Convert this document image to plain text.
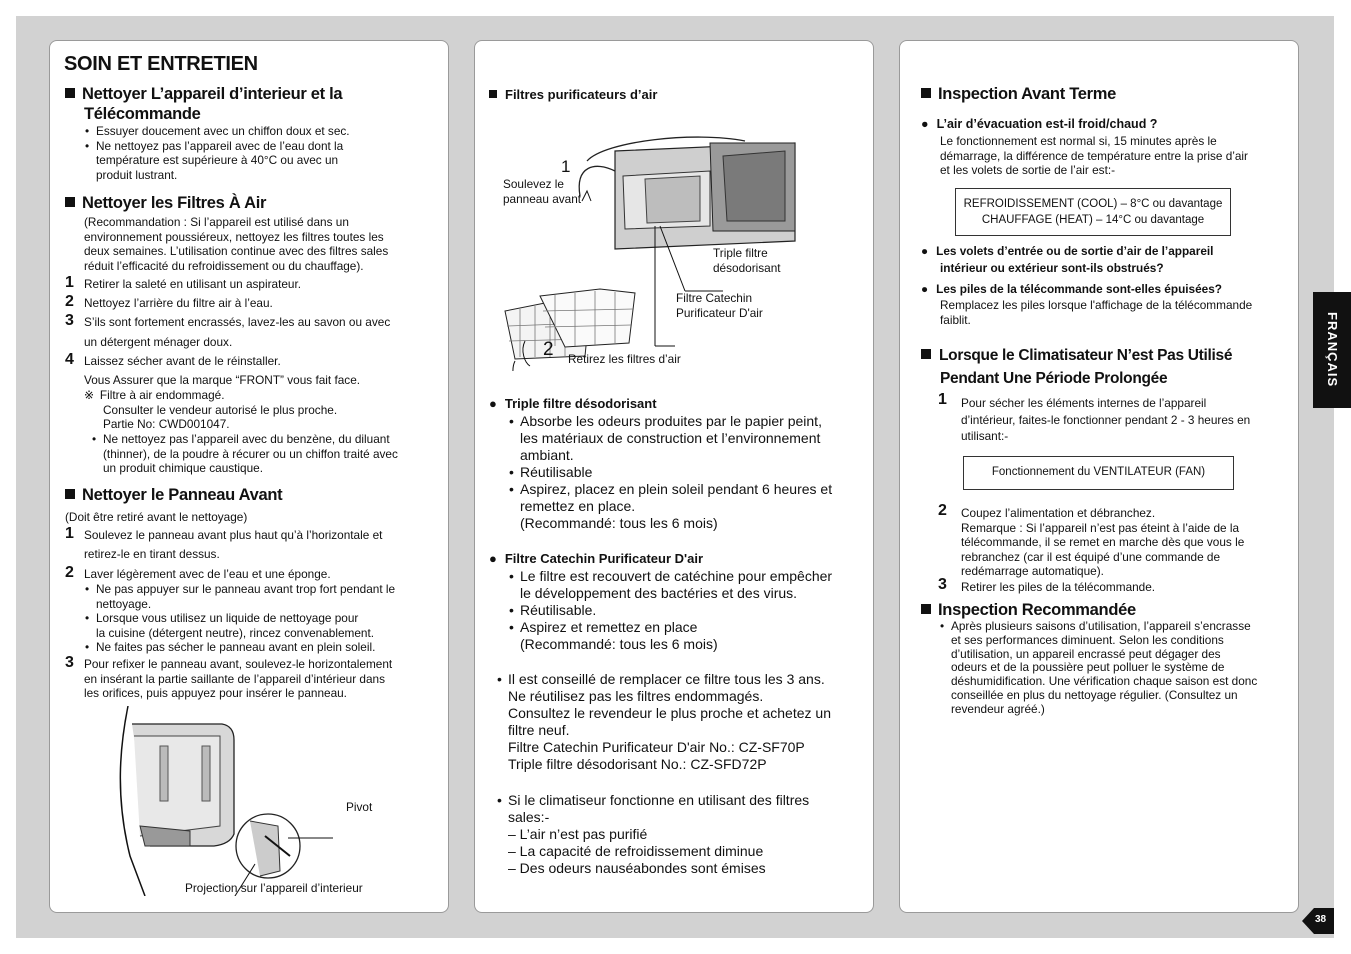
SOIN ET ENTRETIEN
Nettoyer L’appareil d’interieur et la
Télécommande
• Essuyer doucement avec un chiffon doux et sec.
• Ne nettoyez pas l’appareil avec de l’eau dont la
température est supérieure à 40°C ou avec un
produit lustrant.
Nettoyer les Filtres À Air
(Recommandation : Si l’appareil est utilisé dans un
environnement poussiéreux, nettoyez les filtres toutes les
deux semaines. L’utilisation continue avec des filtres sales
réduit l’efficacité du refroidissement ou du chauffage).
1 Retirer la saleté en utilisant un aspirateur.
2 Nettoyez l’arrière du filtre air à l’eau.
3 S’ils sont fortement encrassés, lavez-les au savon ou avec
un détergent ménager doux.
4 Laissez sécher avant de le réinstaller.
Vous Assurer que la marque “FRONT” vous fait face.
※ Filtre à air endommagé.
Consulter le vendeur autorisé le plus proche.
Partie No: CWD001047.
• Ne nettoyez pas l’appareil avec du benzène, du diluant
(thinner), de la poudre à récurer ou un chiffon traité avec
un produit chimique caustique.
Nettoyer le Panneau Avant
(Doit être retiré avant le nettoyage)
1 Soulevez le panneau avant plus haut qu’à l’horizontale et
retirez-le en tirant dessus.
2 Laver légèrement avec de l’eau et une éponge.
• Ne pas appuyer sur le panneau avant trop fort pendant le
nettoyage.
• Lorsque vous utilisez un liquide de nettoyage pour
la cuisine (détergent neutre), rincez convenablement.
• Ne faites pas sécher le panneau avant en plein soleil.
3 Pour refixer le panneau avant, soulevez-le horizontalement
en insérant la partie saillante de l’appareil d’intérieur dans
les orifices, puis appuyez pour insérer le panneau.
Pivot
Projection sur l’appareil d’interieur
Filtres purificateurs d’air
1
Soulevez le
panneau avant
Triple filtre
désodorisant
Filtre Catechin
Purificateur D'air
2 Retirez les filtres d’air
● Triple filtre désodorisant
• Absorbe les odeurs produites par le papier peint,
les matériaux de construction et l’environnement
ambiant.
• Réutilisable
• Aspirez, placez en plein soleil pendant 6 heures et
remettez en place.
(Recommandé: tous les 6 mois)
● Filtre Catechin Purificateur D'air
• Le filtre est recouvert de catéchine pour empêcher
le développement des bactéries et des virus.
• Réutilisable.
• Aspirez et remettez en place
(Recommandé: tous les 6 mois)
• Il est conseillé de remplacer ce filtre tous les 3 ans.
Ne réutilisez pas les filtres endommagés.
Consultez le revendeur le plus proche et achetez un
filtre neuf.
Filtre Catechin Purificateur D'air No.: CZ-SF70P
Triple filtre désodorisant No.: CZ-SFD72P
• Si le climatiseur fonctionne en utilisant des filtres
sales:-
– L’air n’est pas purifié
– La capacité de refroidissement diminue
– Des odeurs nauséabondes sont émises
Inspection Avant Terme
● L’air d’évacuation est-il froid/chaud ?
Le fonctionnement est normal si, 15 minutes après le
démarrage, la différence de température entre la prise d’air
et les volets de sortie de l’air est:-
REFROIDISSEMENT (COOL) – 8°C ou davantage
CHAUFFAGE (HEAT) – 14°C ou davantage
● Les volets d’entrée ou de sortie d’air de l’appareil
intérieur ou extérieur sont-ils obstrués?
● Les piles de la télécommande sont-elles épuisées?
Remplacez les piles lorsque l'affichage de la télécommande
faiblit.
Lorsque le Climatisateur N’est Pas Utilisé
Pendant Une Période Prolongée
1 Pour sécher les éléments internes de l’appareil
d’intérieur, faites-le fonctionner pendant 2 - 3 heures en
utilisant:-
Fonctionnement du VENTILATEUR (FAN)
2 Coupez l’alimentation et débranchez.
Remarque : Si l’appareil n’est pas éteint à l’aide de la
télécommande, il se remet en marche dès que vous le
rebranchez (car il est équipé d’une commande de
redémarrage automatique).
3 Retirer les piles de la télécommande.
Inspection Recommandée
• Après plusieurs saisons d’utilisation, l’appareil s’encrasse
et ses performances diminuent. Selon les conditions
d’utilisation, un appareil encrassé peut dégager des
odeurs et de la poussière peut polluer le système de
déshumidification. Une vérification chaque saison est donc
conseillée en plus du nettoyage régulier. (Consultez un
revendeur agréé.)
FRANÇAIS
38
